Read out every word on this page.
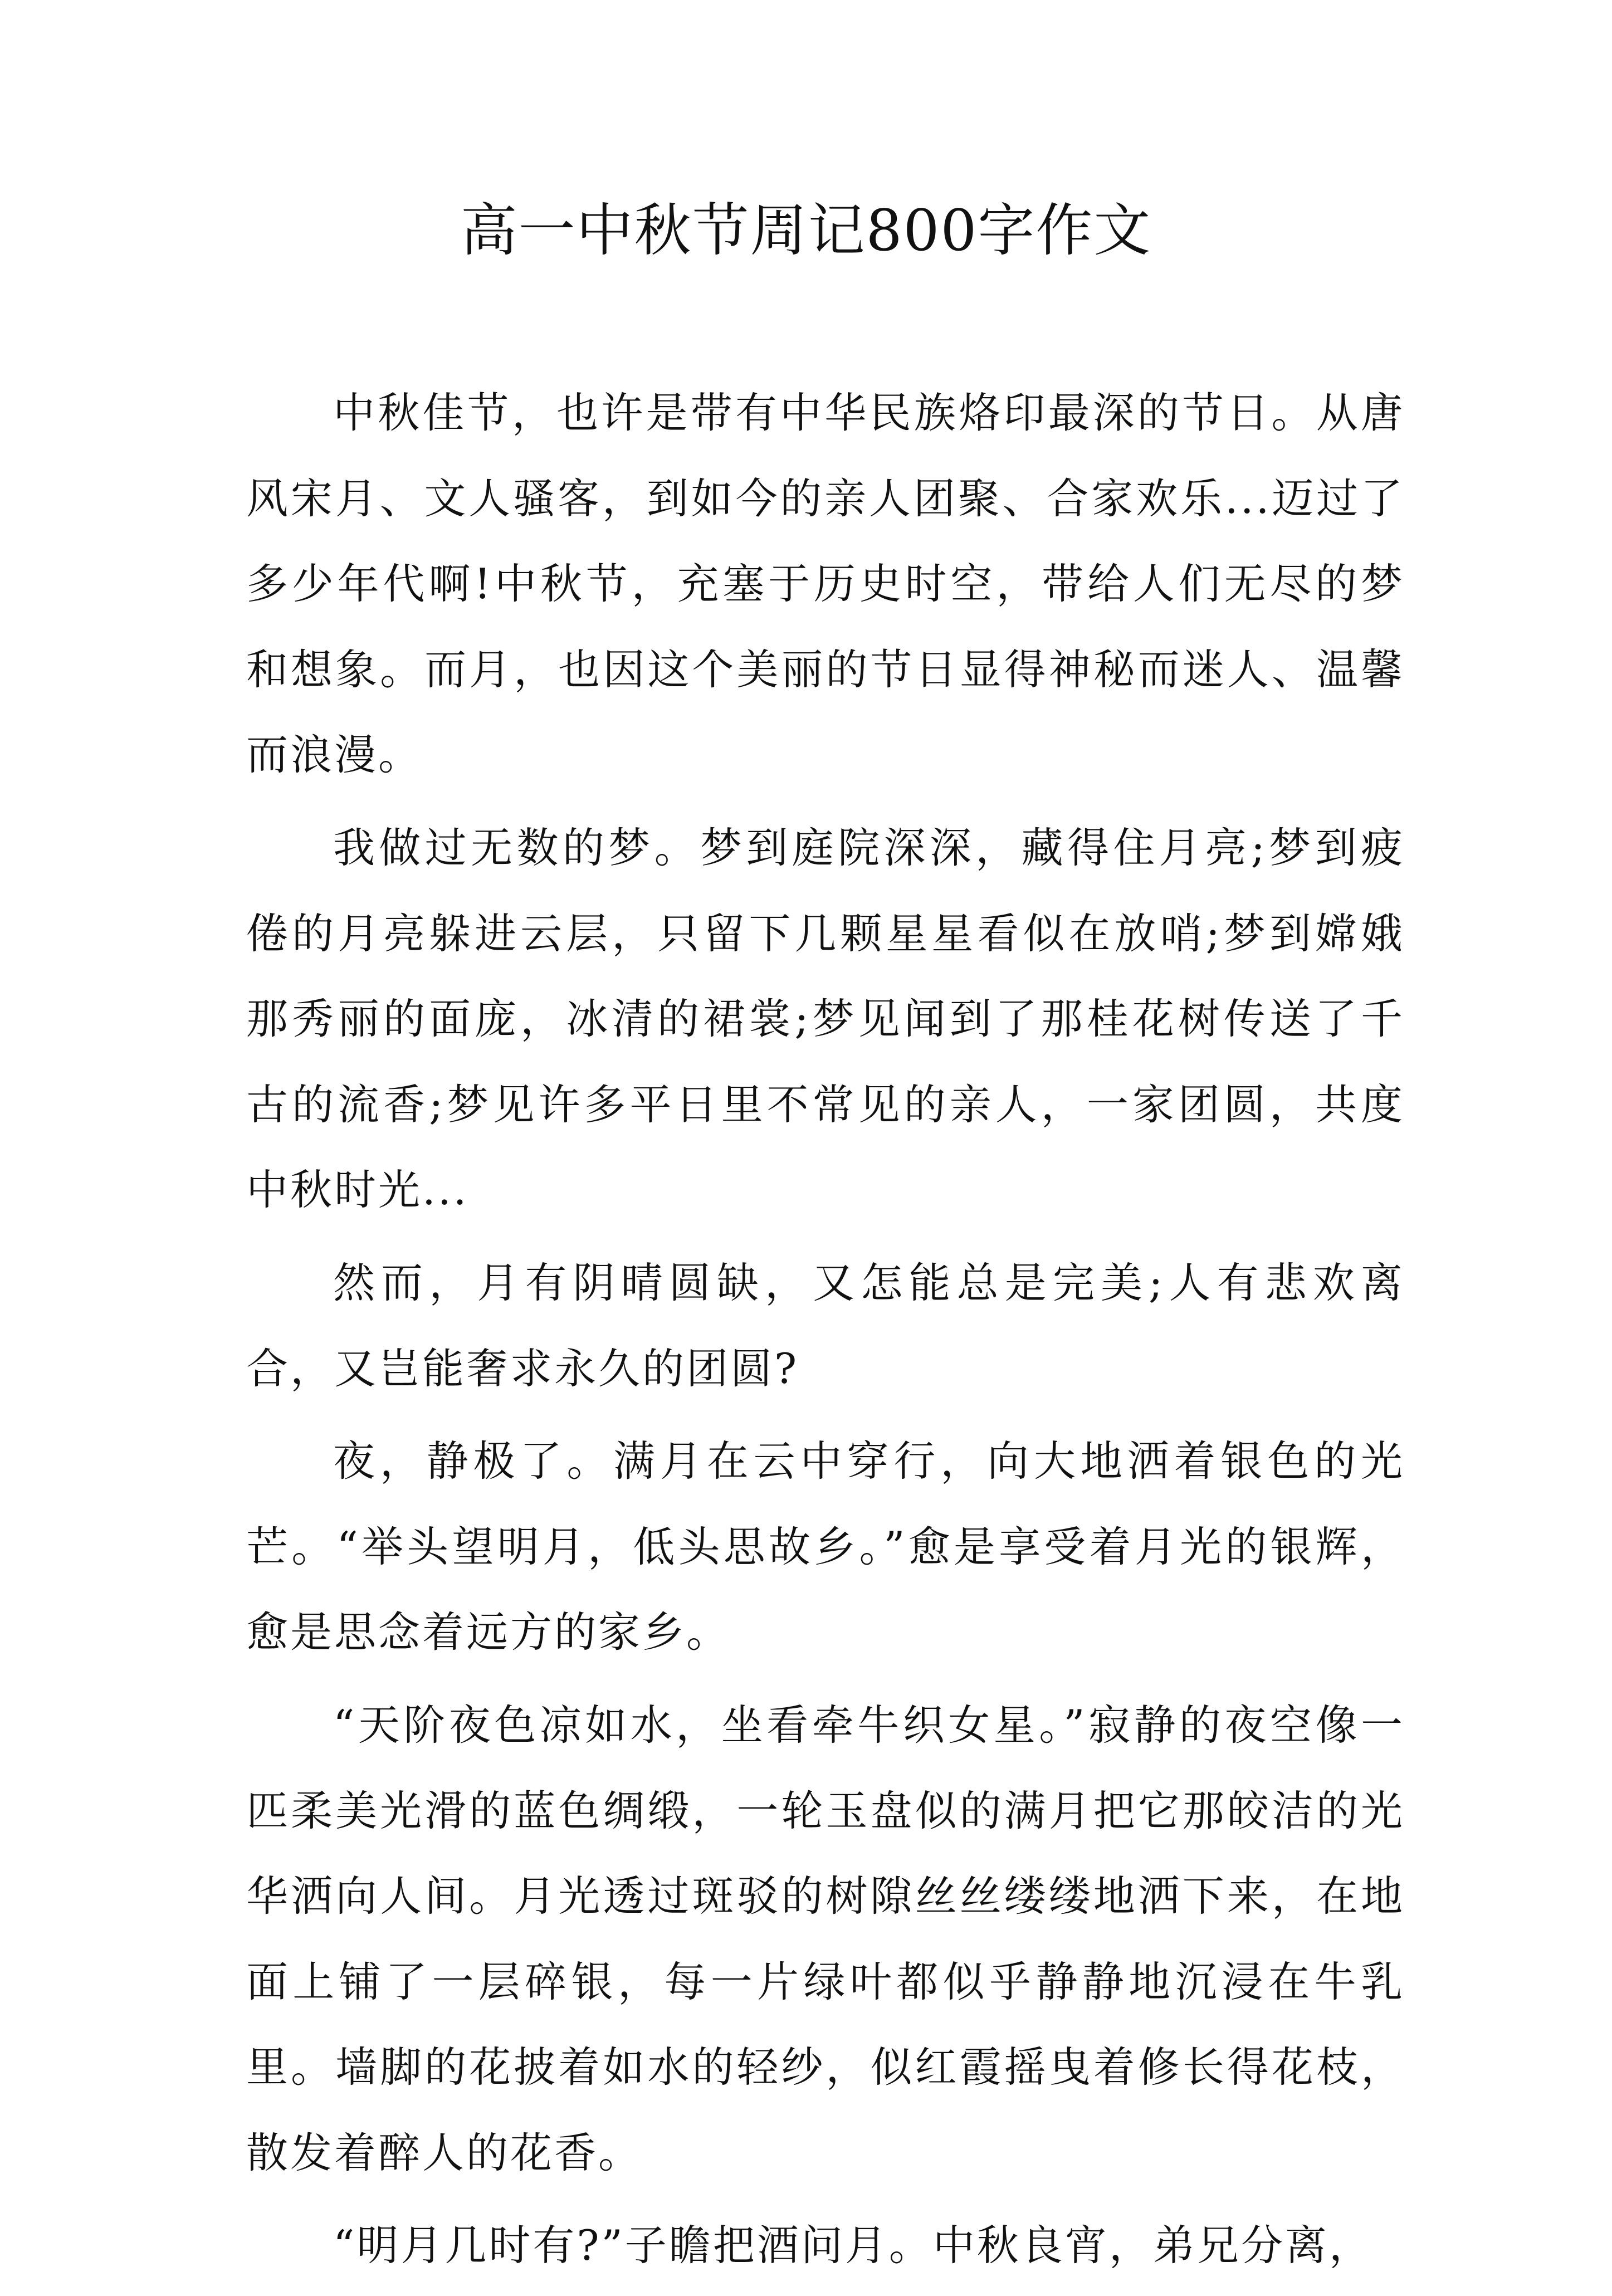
高一中秋节周记800字作文

中秋佳节，也许是带有中华民族烙印最深的节日。从唐风宋月、文人骚客，到如今的亲人团聚、合家欢乐...迈过了多少年代啊!中秋节，充塞于历史时空，带给人们无尽的梦和想象。而月，也因这个美丽的节日显得神秘而迷人、温馨而浪漫。

我做过无数的梦。梦到庭院深深，藏得住月亮;梦到疲倦的月亮躲进云层，只留下几颗星星看似在放哨;梦到嫦娥那秀丽的面庞，冰清的裙裳;梦见闻到了那桂花树传送了千古的流香;梦见许多平日里不常见的亲人，一家团圆，共度中秋时光...

然而，月有阴晴圆缺，又怎能总是完美;人有悲欢离合，又岂能奢求永久的团圆?

夜，静极了。满月在云中穿行，向大地洒着银色的光芒。“举头望明月，低头思故乡。”愈是享受着月光的银辉，愈是思念着远方的家乡。

“天阶夜色凉如水，坐看牵牛织女星。”寂静的夜空像一匹柔美光滑的蓝色绸缎，一轮玉盘似的满月把它那皎洁的光华洒向人间。月光透过斑驳的树隙丝丝缕缕地洒下来，在地面上铺了一层碎银，每一片绿叶都似乎静静地沉浸在牛乳里。墙脚的花披着如水的轻纱，似红霞摇曳着修长得花枝，散发着醉人的花香。

“明月几时有?”子瞻把酒问月。中秋良宵，弟兄分离，
